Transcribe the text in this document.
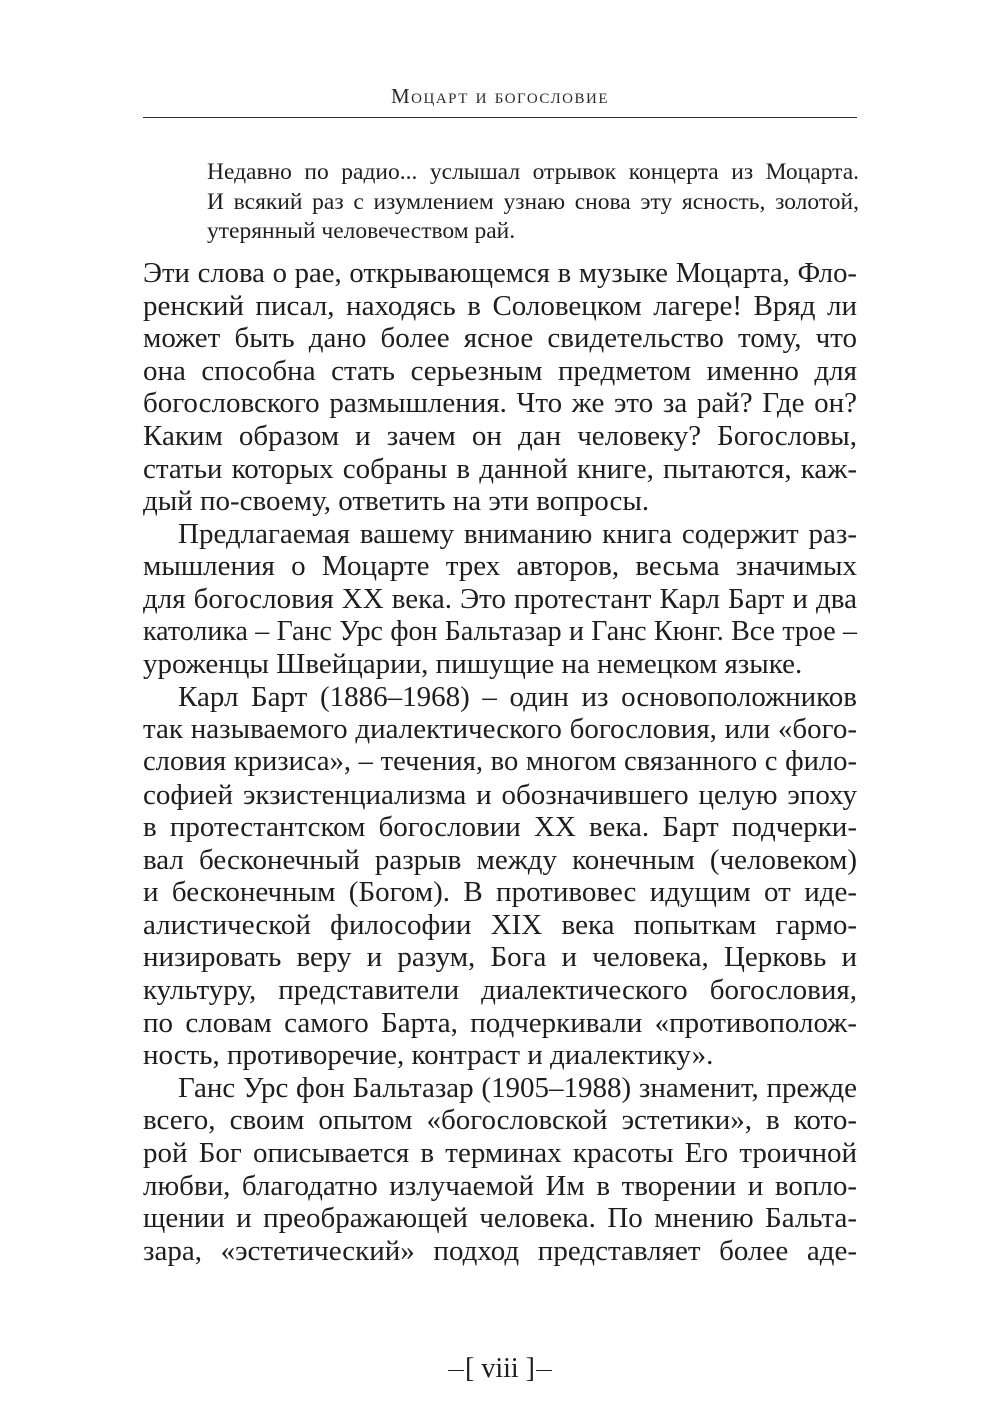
Моцарт и богословие
Недавно по радио... услышал отрывок концерта из Моцарта.
И всякий раз с изумлением узнаю снова эту ясность, золотой,
утерянный человечеством рай.
Эти слова о рае, открывающемся в музыке Моцарта, Фло-
ренский писал, находясь в Соловецком лагере! Вряд ли
может быть дано более ясное свидетельство тому, что
она способна стать серьезным предметом именно для
богословского размышления. Что же это за рай? Где он?
Каким образом и зачем он дан человеку? Богословы,
статьи которых собраны в данной книге, пытаются, каж-
дый по-своему, ответить на эти вопросы.
Предлагаемая вашему вниманию книга содержит раз-
мышления о Моцарте трех авторов, весьма значимых
для богословия XX века. Это протестант Карл Барт и два
католика – Ганс Урс фон Бальтазар и Ганс Кюнг. Все трое –
уроженцы Швейцарии, пишущие на немецком языке.
Карл Барт (1886–1968) – один из основоположников
так называемого диалектического богословия, или «бого-
словия кризиса», – течения, во многом связанного с фило-
софией экзистенциализма и обозначившего целую эпоху
в протестантском богословии XX века. Барт подчерки-
вал бесконечный разрыв между конечным (человеком)
и бесконечным (Богом). В противовес идущим от иде-
алистической философии XIX века попыткам гармо-
низировать веру и разум, Бога и человека, Церковь и
культуру, представители диалектического богословия,
по словам самого Барта, подчеркивали «противополож-
ность, противоречие, контраст и диалектику».
Ганс Урс фон Бальтазар (1905–1988) знаменит, прежде
всего, своим опытом «богословской эстетики», в кото-
рой Бог описывается в терминах красоты Его троичной
любви, благодатно излучаемой Им в творении и вопло-
щении и преображающей человека. По мнению Бальта-
зара, «эстетический» подход представляет более аде-
[ viii ]
